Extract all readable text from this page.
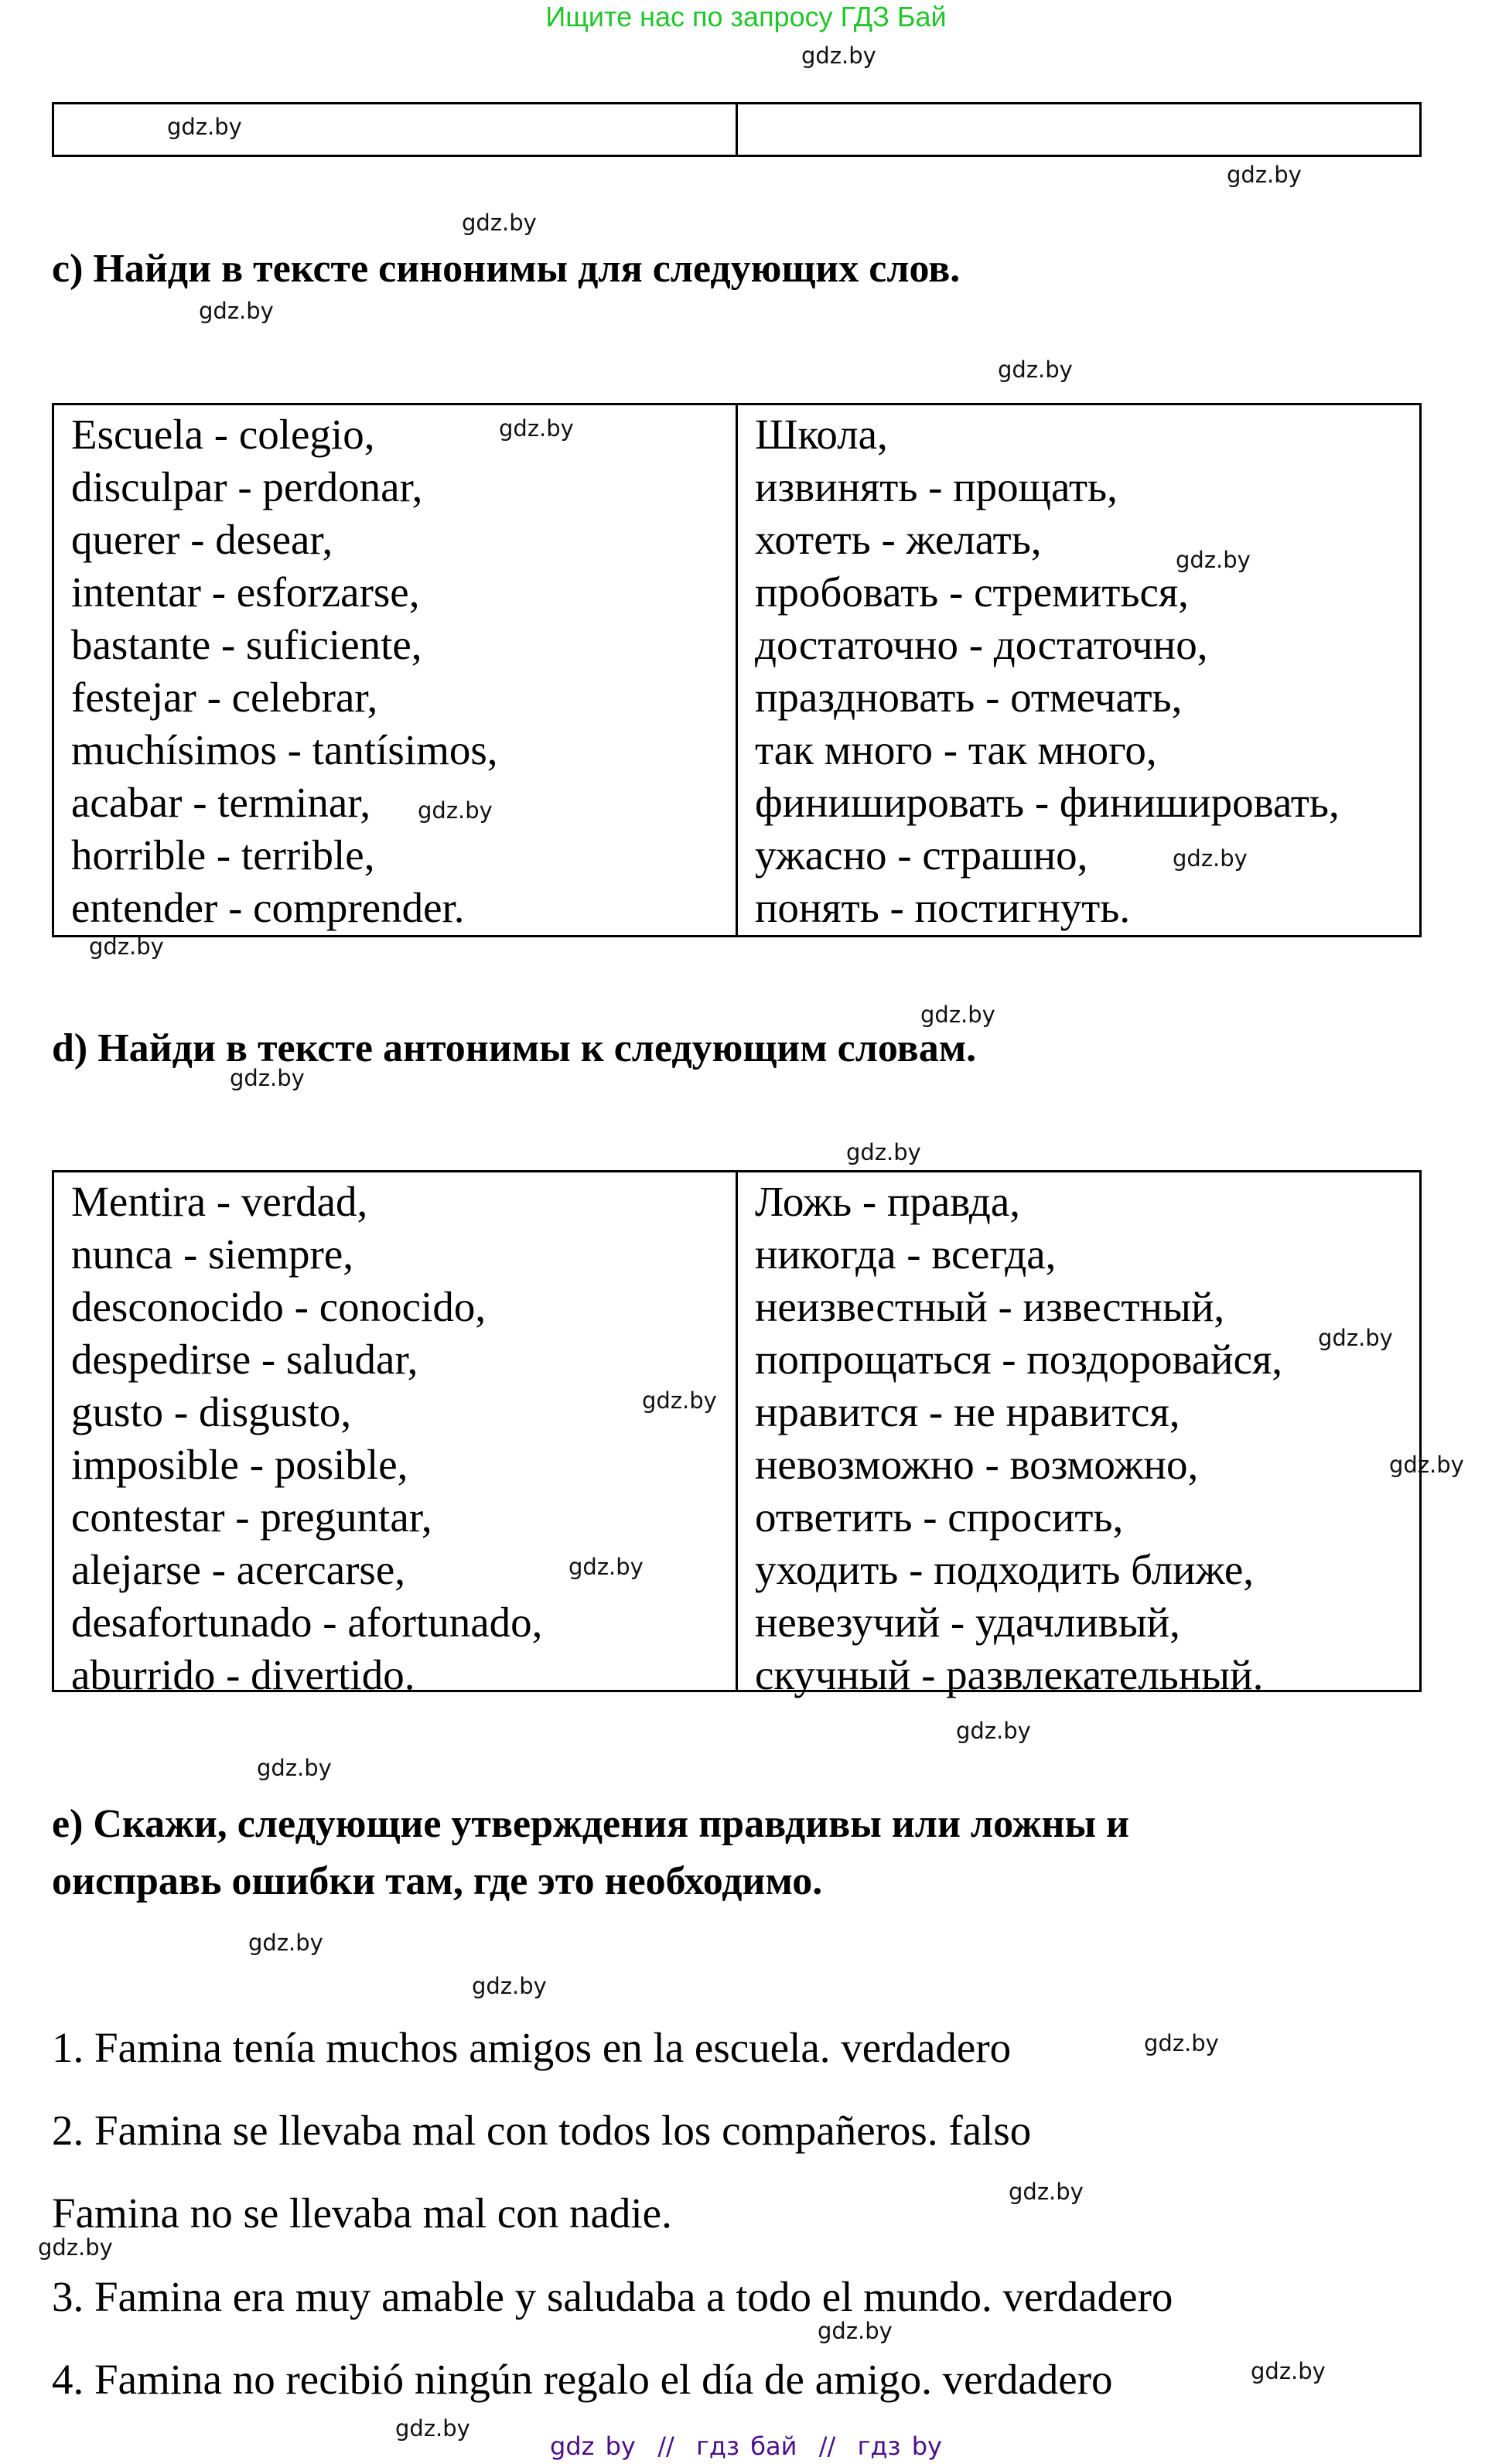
Ищите нас по запросу ГДЗ Бай
c) Найди в тексте синонимы для следующих слов.
Escuela - colegio,
disculpar - perdonar,
querer - desear,
intentar - esforzarse,
bastante - suficiente,
festejar - celebrar,
muchísimos - tantísimos,
acabar - terminar,
horrible - terrible,
entender - comprender.
Школа,
извинять - прощать,
хотеть - желать,
пробовать - стремиться,
достаточно - достаточно,
праздновать - отмечать,
так много - так много,
финишировать - финишировать,
ужасно - страшно,
понять - постигнуть.
d) Найди в тексте антонимы к следующим словам.
Mentira - verdad,
nunca - siempre,
desconocido - conocido,
despedirse - saludar,
gusto - disgusto,
imposible - posible,
contestar - preguntar,
alejarse - acercarse,
desafortunado - afortunado,
aburrido - divertido.
Ложь - правда,
никогда - всегда,
неизвестный - известный,
попрощаться - поздоровайся,
нравится - не нравится,
невозможно - возможно,
ответить - спросить,
уходить - подходить ближе,
невезучий - удачливый,
скучный - развлекательный.
e) Скажи, следующие утверждения правдивы или ложны и
оисправь ошибки там, где это необходимо.
1. Famina tenía muchos amigos en la escuela. verdadero
2. Famina se llevaba mal con todos los compañeros. falso
Famina no se llevaba mal con nadie.
3. Famina era muy amable y saludaba a todo el mundo. verdadero
4. Famina no recibió ningún regalo el día de amigo. verdadero
gdz.by
gdz.by
gdz.by
gdz.by
gdz.by
gdz.by
gdz.by
gdz.by
gdz.by
gdz.by
gdz.by
gdz.by
gdz.by
gdz.by
gdz.by
gdz.by
gdz.by
gdz.by
gdz.by
gdz.by
gdz.by
gdz.by
gdz.by
gdz.by
gdz.by
gdz.by
gdz.by
gdz.by
gdz by  //  гдз бай  //  гдз by
